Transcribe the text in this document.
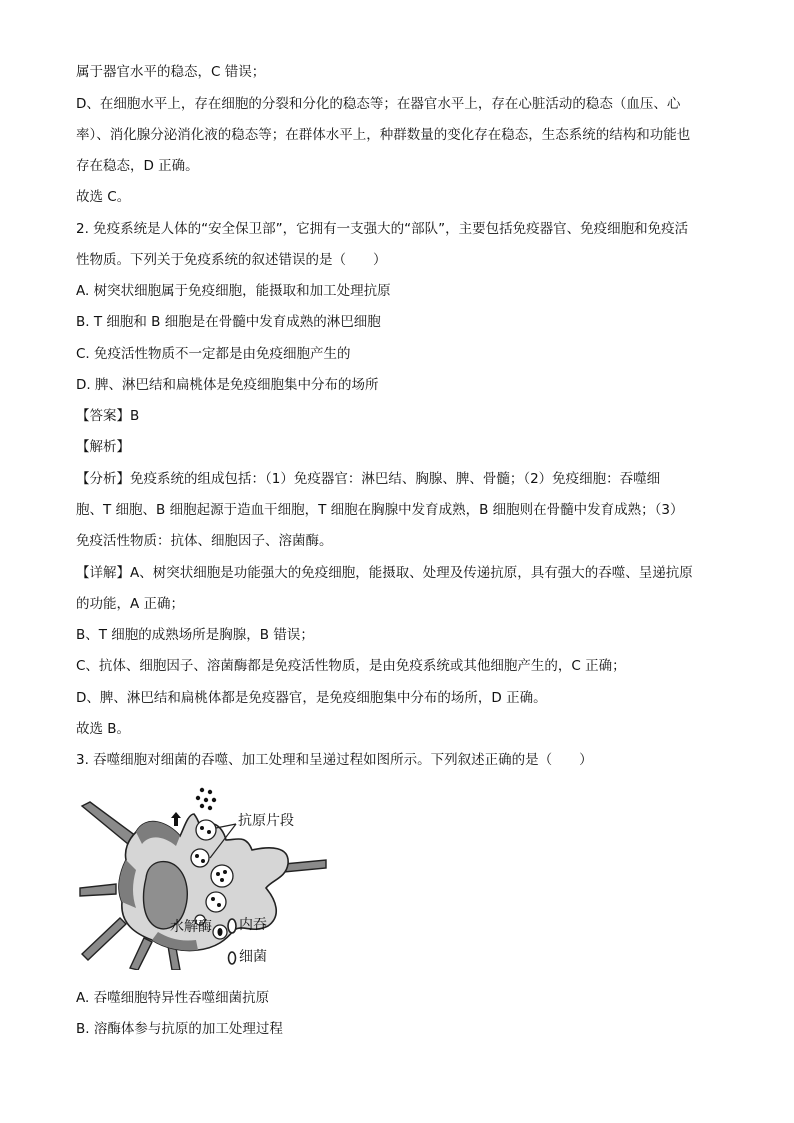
属于器官水平的稳态，C 错误；
D、在细胞水平上，存在细胞的分裂和分化的稳态等；在器官水平上，存在心脏活动的稳态（血压、心
率）、消化腺分泌消化液的稳态等；在群体水平上，种群数量的变化存在稳态，生态系统的结构和功能也
存在稳态，D 正确。
故选 C。
2. 免疫系统是人体的“安全保卫部”，它拥有一支强大的“部队”，主要包括免疫器官、免疫细胞和免疫活
性物质。下列关于免疫系统的叙述错误的是（　　）
A. 树突状细胞属于免疫细胞，能摄取和加工处理抗原
B. T 细胞和 B 细胞是在骨髓中发育成熟的淋巴细胞
C. 免疫活性物质不一定都是由免疫细胞产生的
D. 脾、淋巴结和扁桃体是免疫细胞集中分布的场所
【答案】B
【解析】
【分析】免疫系统的组成包括：（1）免疫器官：淋巴结、胸腺、脾、骨髓；（2）免疫细胞：吞噬细
胞、T 细胞、B 细胞起源于造血干细胞，T 细胞在胸腺中发育成熟，B 细胞则在骨髓中发育成熟；（3）
免疫活性物质：抗体、细胞因子、溶菌酶。
【详解】A、树突状细胞是功能强大的免疫细胞，能摄取、处理及传递抗原，具有强大的吞噬、呈递抗原
的功能，A 正确；
B、T 细胞的成熟场所是胸腺，B 错误；
C、抗体、细胞因子、溶菌酶都是免疫活性物质，是由免疫系统或其他细胞产生的，C 正确；
D、脾、淋巴结和扁桃体都是免疫器官，是免疫细胞集中分布的场所，D 正确。
故选 B。
3. 吞噬细胞对细菌的吞噬、加工处理和呈递过程如图所示。下列叙述正确的是（　　）
抗原片段
水解酶 内吞
细菌
A. 吞噬细胞特异性吞噬细菌抗原
B. 溶酶体参与抗原的加工处理过程
